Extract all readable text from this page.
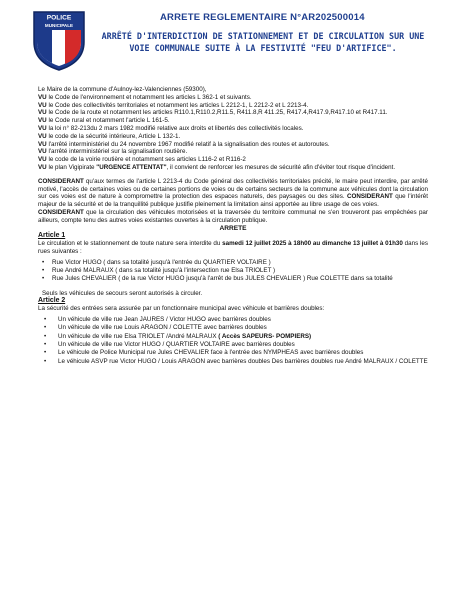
POLICE
MUNICIPALE
ARRETE REGLEMENTAIRE N°AR202500014
ARRÊTÉ D'INTERDICTION DE STATIONNEMENT ET DE CIRCULATION SUR UNE VOIE COMMUNALE SUITE À LA FESTIVITÉ "FEU D'ARTIFICE".

Le Maire de la commune d'Aulnoy-lez-Valenciennes (59300),

VU le Code de l'environnement et notamment les articles L 362-1 et suivants.

VU le Code des collectivités territoriales et notamment les articles L 2212-1, L 2212-2 et L 2213-4.

VU le Code de la route et notamment les articles R110.1,R110.2,R11.5, R411.8,R 411.25, R417.4,R417.9,R417.10 et R417.11.

VU le Code rural et notamment l'article L 161-5.

VU la loi n° 82-213du 2 mars 1982 modifié relative aux droits et libertés des collectivités locales.

VU le code de la sécurité intérieure, Article L 132-1.

VU l'arrêté interministériel du 24 novembre 1967 modifié relatif à la signalisation des routes et autoroutes.

VU l'arrêté interministériel sur la signalisation routière.

VU le code de la voirie routière et notamment ses articles L116-2 et R116-2

VU le plan Vigipirate "URGENCE ATTENTAT", il convient de renforcer les mesures de sécurité afin d'éviter tout risque d'incident.

CONSIDERANT qu'aux termes de l'article L 2213-4 du Code général des collectivités territoriales précité, le maire peut interdire, par arrêté motivé, l'accès de certaines voies ou de certaines portions de voies ou de certains secteurs de la commune aux véhicules dont la circulation sur ces voies est de nature à compromettre la protection des espaces naturels, des paysages ou des sites. CONSIDERANT que l'intérêt majeur de la sécurité et de la tranquillité publique justifie pleinement la limitation ainsi apportée au libre usage de ces voies.

CONSIDERANT que la circulation des véhicules motorisées et la traversée du territoire communal ne s'en trouveront pas empêchées par ailleurs, compte tenu des autres voies existantes ouvertes à la circulation publique.

ARRETE

Article 1

Le circulation et le stationnement de toute nature sera interdite du samedi 12 juillet 2025 à 18h00 au dimanche 13 juillet à 01h30 dans les rues suivantes :

• Rue Victor HUGO ( dans sa totalité jusqu'à l'entrée du QUARTIER VOLTAIRE )
• Rue André MALRAUX ( dans sa totalité jusqu'à l'intersection rue Elsa TRIOLET )
• Rue Jules CHEVALIER ( de la rue Victor HUGO jusqu'à l'arrêt de bus JULES CHEVALIER ) Rue COLETTE dans sa totalité

Seuls les véhicules de secours seront autorisés à circuler.

Article 2

La sécurité des entrées sera assurée par un fonctionnaire municipal avec véhicule et barrières doubles:

• Un véhicule de ville rue Jean JAURES / Victor HUGO avec barrières doubles
• Un véhicule de ville rue Louis ARAGON / COLETTE avec barrières doubles
• Un véhicule de ville rue Elsa TRIOLET /André MALRAUX ( Accès SAPEURS- POMPIERS)
• Un véhicule de ville rue Victor HUGO / QUARTIER VOLTAIRE avec barrières doubles
• Le véhicule de Police Municipal rue Jules CHEVALIER face à l'entrée des NYMPHEAS avec barrières doubles
• Le véhicule ASVP rue Victor HUGO / Louis ARAGON avec barrières doubles Des barrières doubles rue André MALRAUX / COLETTE
